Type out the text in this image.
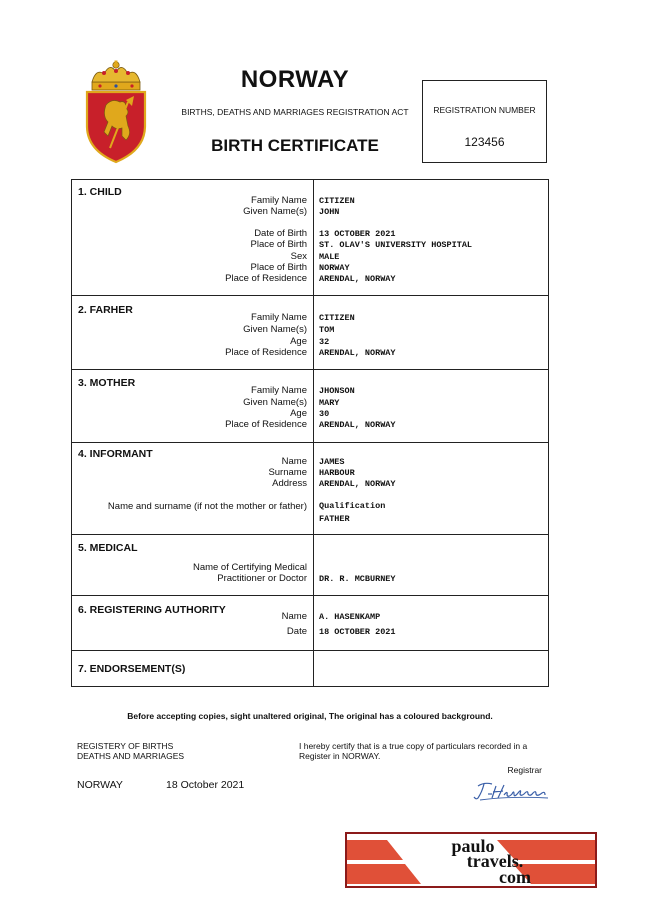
NORWAY
BIRTHS, DEATHS AND MARRIAGES REGISTRATION ACT
BIRTH CERTIFICATE
REGISTRATION NUMBER
123456
1. CHILD
Family Name CITIZEN
Given Name(s) JOHN
Date of Birth 13 OCTOBER 2021
Place of Birth ST. OLAV'S UNIVERSITY HOSPITAL
Sex MALE
Place of Birth NORWAY
Place of Residence ARENDAL, NORWAY
2. FARHER
Family Name CITIZEN
Given Name(s) TOM
Age 32
Place of Residence ARENDAL, NORWAY
3. MOTHER
Family Name JHONSON
Given Name(s) MARY
Age 30
Place of Residence ARENDAL, NORWAY
4. INFORMANT
Name JAMES
Surname HARBOUR
Address ARENDAL, NORWAY
Name and surname (if not the mother or father) Qualification
FATHER
5. MEDICAL
Name of Certifying Medical
Practitioner or Doctor DR. R. MCBURNEY
6. REGISTERING AUTHORITY
Name A. HASENKAMP
Date 18 OCTOBER 2021
7. ENDORSEMENT(S)
Before accepting copies, sight unaltered original, The original has a coloured background.
REGISTERY OF BIRTHS
DEATHS AND MARRIAGES
I hereby certify that is a true copy of particulars recorded in a
Register in NORWAY.
Registrar
NORWAY	18 October 2021
paulo
travels.
com
